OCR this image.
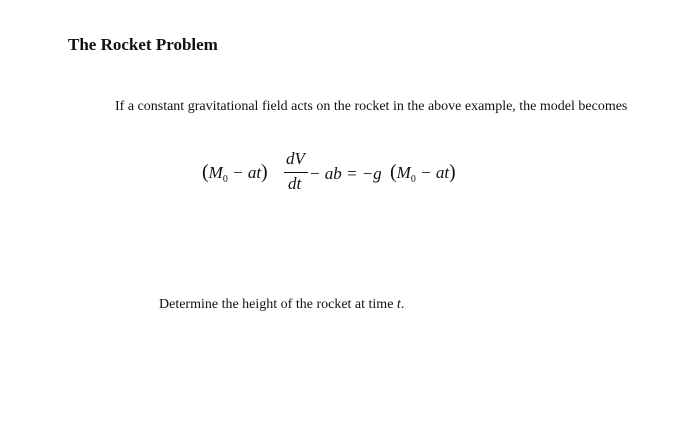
The Rocket Problem
If a constant gravitational field acts on the rocket in the above example, the model becomes
$(M_0 - at)$
dV
dt
− ab = −g $(M_0 - at)$
Determine the height of the rocket at time t.
